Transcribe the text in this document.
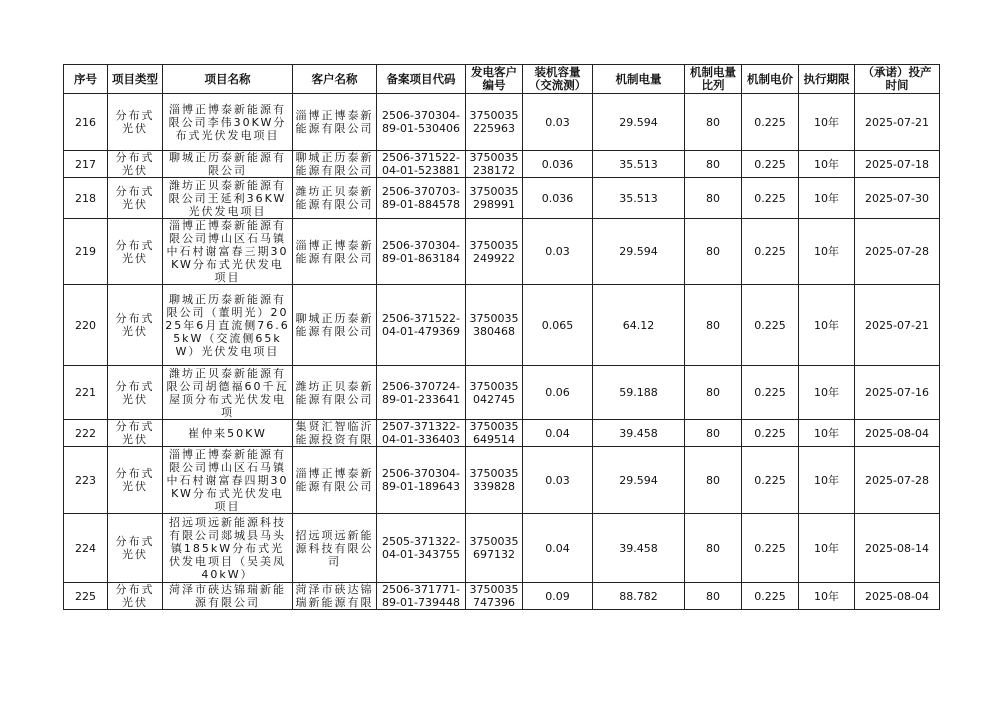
序号	项目类型	项目名称	客户名称	备案项目代码	发电客户编号	装机容量（交流测）	机制电量	机制电量比列	机制电价	执行期限	（承诺）投产时间
216	分布式光伏	淄博正博泰新能源有限公司李伟30KW分布式光伏发电项目	淄博正博泰新能源有限公司	2506-370304-89-01-530406	3750035225963	0.03	29.594	80	0.225	10年	2025-07-21
217	分布式光伏	聊城正历泰新能源有限公司	聊城正历泰新能源有限公司	2506-371522-04-01-523881	3750035238172	0.036	35.513	80	0.225	10年	2025-07-18
218	分布式光伏	潍坊正贝泰新能源有限公司王延利36KW光伏发电项目	潍坊正贝泰新能源有限公司	2506-370703-89-01-884578	3750035298991	0.036	35.513	80	0.225	10年	2025-07-30
219	分布式光伏	淄博正博泰新能源有限公司博山区石马镇中石村谢富春三期30KW分布式光伏发电项目	淄博正博泰新能源有限公司	2506-370304-89-01-863184	3750035249922	0.03	29.594	80	0.225	10年	2025-07-28
220	分布式光伏	聊城正历泰新能源有限公司（董明光）2025年6月直流侧76.65kW（交流侧65kW）光伏发电项目	聊城正历泰新能源有限公司	2506-371522-04-01-479369	3750035380468	0.065	64.12	80	0.225	10年	2025-07-21
221	分布式光伏	潍坊正贝泰新能源有限公司胡德福60千瓦屋顶分布式光伏发电项	潍坊正贝泰新能源有限公司	2506-370724-89-01-233641	3750035042745	0.06	59.188	80	0.225	10年	2025-07-16
222	分布式光伏	崔仲来50KW	集贤汇智临沂能源投资有限	2507-371322-04-01-336403	3750035649514	0.04	39.458	80	0.225	10年	2025-08-04
223	分布式光伏	淄博正博泰新能源有限公司博山区石马镇中石村谢富春四期30KW分布式光伏发电项目	淄博正博泰新能源有限公司	2506-370304-89-01-189643	3750035339828	0.03	29.594	80	0.225	10年	2025-07-28
224	分布式光伏	招远项远新能源科技有限公司郯城县马头镇185kW分布式光伏发电项目（吴美凤40kW）	招远项远新能源科技有限公司	2505-371322-04-01-343755	3750035697132	0.04	39.458	80	0.225	10年	2025-08-14
225	分布式光伏	菏泽市硖达锦瑞新能源有限公司	菏泽市硖达锦瑞新能源有限	2506-371771-89-01-739448	3750035747396	0.09	88.782	80	0.225	10年	2025-08-04
